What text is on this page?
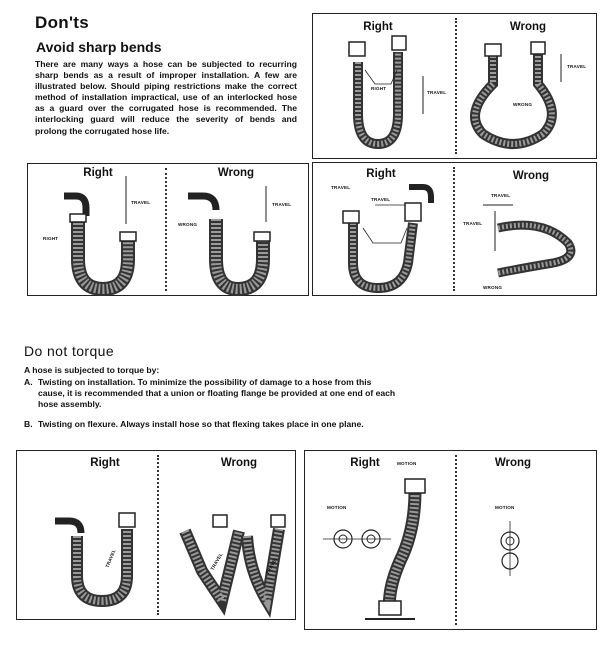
Don'ts
Avoid sharp bends

There are many ways a hose can be subjected to recurring sharp bends as a result of improper installation. A few are illustrated below. Should piping restrictions make the correct method of installation impractical, use of an interlocked hose as a guard over the corrugated hose is recommended. The interlocking guard will reduce the severity of bends and prolong the corrugated hose life.

Right	Wrong
RIGHT
TRAVEL
WRONG
TRAVEL
Right	Wrong
RIGHT
TRAVEL
WRONG
TRAVEL
Right	Wrong
TRAVEL
TRAVEL
TRAVEL
TRAVEL
WRONG
Do not torque
A hose is subjected to torque by:
A. Twisting on installation. To minimize the possibility of damage to a hose from this cause, it is recommended that a union or floating flange be provided at one end of each hose assembly.
B. Twisting on flexure. Always install hose so that flexing takes place in one plane.
Right	Wrong
TRAVEL	TRAVEL	TRAVEL
Right	Wrong
MOTION
MOTION	MOTION
